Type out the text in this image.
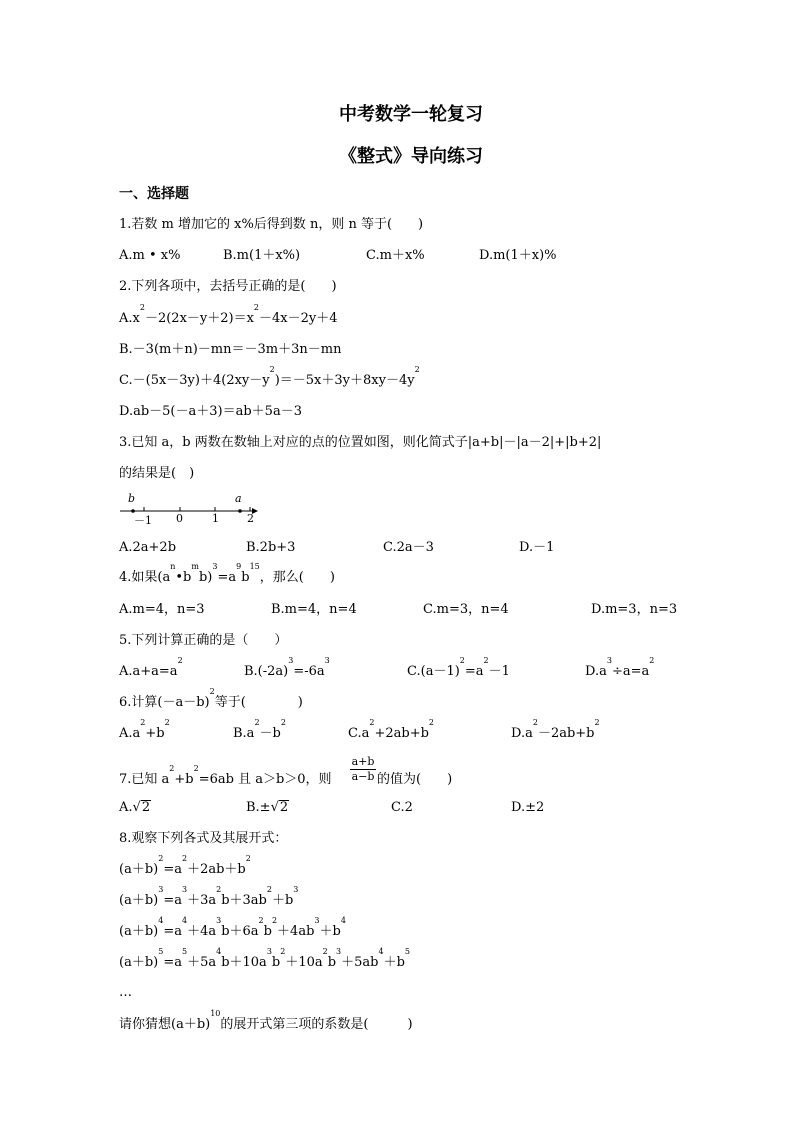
中考数学一轮复习
《整式》导向练习
一、选择题
1.若数 m 增加它的 x%后得到数 n，则 n 等于(　　)
A.m • x%	B.m(1＋x%)	C.m＋x%	D.m(1＋x)%
2.下列各项中，去括号正确的是(　　)
$A.x^2-2(2x-y+2)=x^2-4x-2y+4$
B.－3(m＋n)－mn＝－3m＋3n－mn
$C.-(5x-3y)+4(2xy-y^2)=-5x+3y+8xy-4y^2$
D.ab－5(－a＋3)＝ab＋5a－3
3.已知 a，b 两数在数轴上对应的点的位置如图，则化简式子|a+b|－|a－2|+|b+2|
的结果是(　)
b	a
－1 0	1	2
A.2a+2b	B.2b+3	C.2a－3	D.－1
4.如果$(a^n•b^mb)^3=a^9b^{15}$，那么(　　)
A.m=4，n=3	B.m=4，n=4	C.m=3，n=4	D.m=3，n=3
5.下列计算正确的是（　　）
$A.a+a=a^2$
$B.(-2a)^3=-6a^3$
$C.(a-1)^2=a^2-1$	$D.a^3\div a=a^2$
6.计算$(-a-b)^2$等于(　　　　)
$A.a^2+b^2$
$B.a^2-b^2$
$C.a^2+2ab+b^2$
$D.a^2-2ab+b^2$
7.已知 $a^2+b^2=6ab$ 且 a＞b＞0，则
a+b
a−b 的值为(　　)
A.√2	B.±√2	C.2	D.±2
8.观察下列各式及其展开式：
$(a+b)^2=a^2+2ab+b^2$
$(a+b)^3=a^3+3a^2b+3ab^2+b^3$
$(a+b)^4=a^4+4a^3b+6a^2b^2+4ab^3+b^4$
$(a+b)^5=a^5+5a^4b+10a^3b^2+10a^2b^3+5ab^4+b^5$
…
请你猜想$(a+b)^{10}$的展开式第三项的系数是(　　　)
